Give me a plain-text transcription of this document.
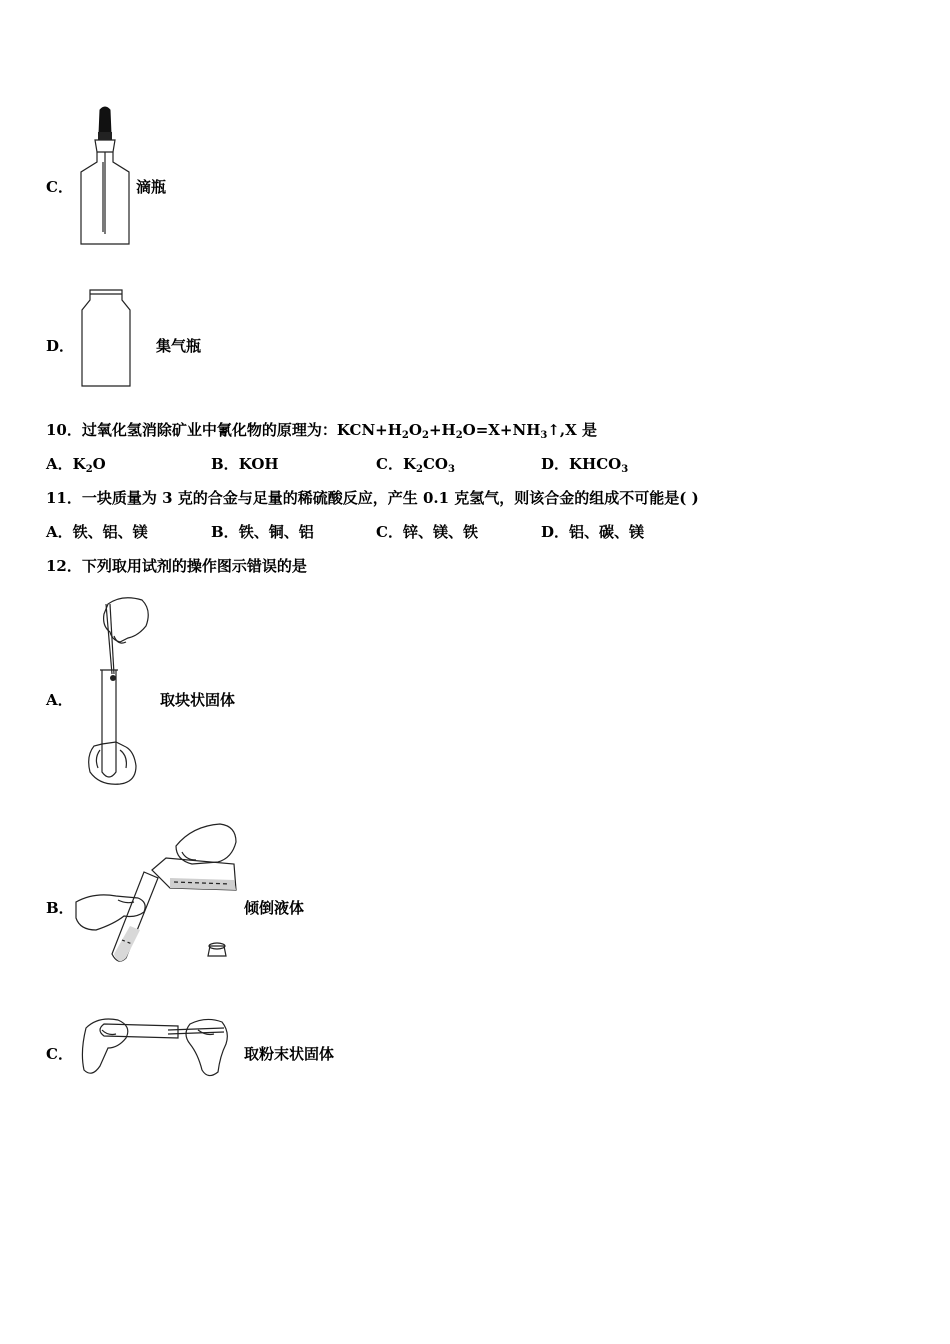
C．	滴瓶
D．	集气瓶
10．过氧化氢消除矿业中氰化物的原理为：$KCN+H_2O_2+H_2O=X+NH_3↑,X$ 是
A．$K_2O$	B．KOH	C．$K_2CO_3$	D．$KHCO_3$
11．一块质量为 3 克的合金与足量的稀硫酸反应，产生 0.1 克氢气，则该合金的组成不可能是( )
A．铁、铝、镁	B．铁、铜、铝	C．锌、镁、铁	D．铝、碳、镁
12．下列取用试剂的操作图示错误的是
A．	取块状固体
B．	倾倒液体
C．	取粉末状固体
